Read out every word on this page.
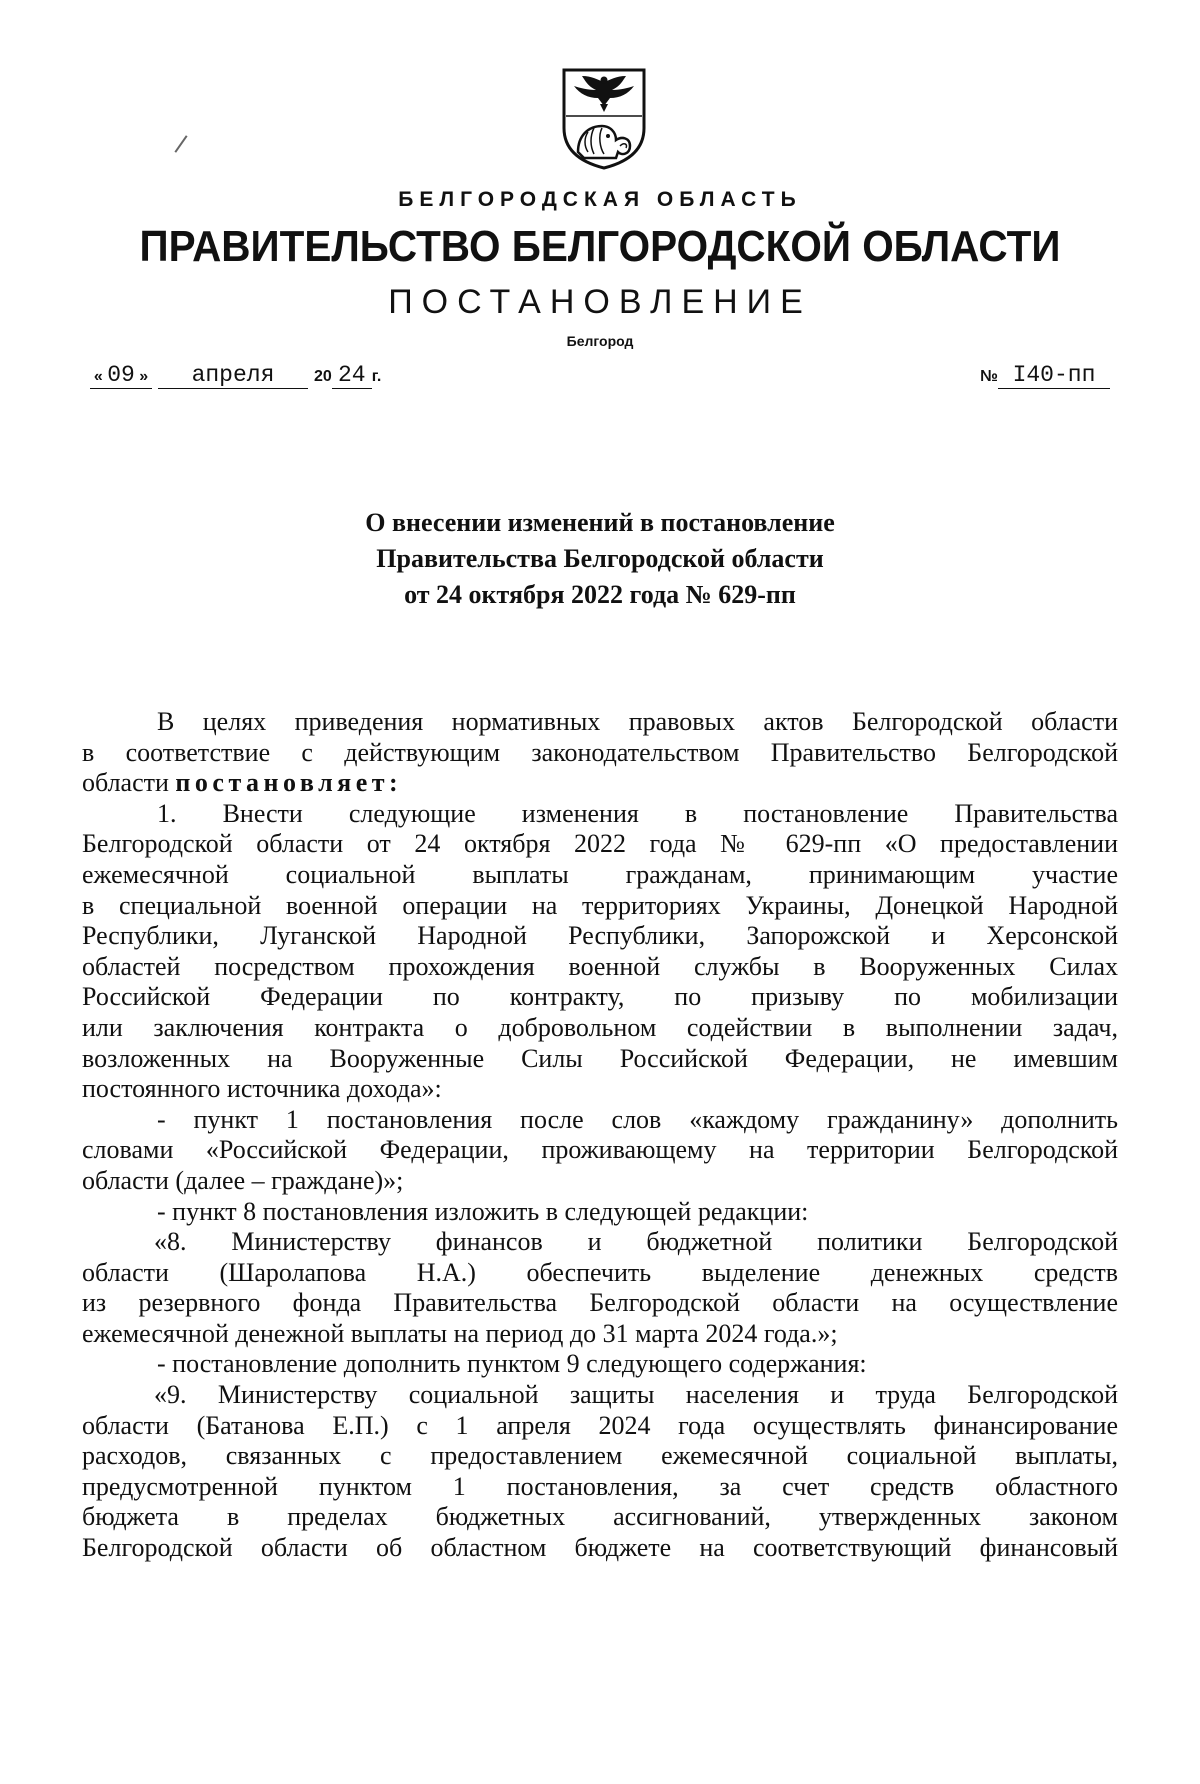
БЕЛГОРОДСКАЯ ОБЛАСТЬ
ПРАВИТЕЛЬСТВО БЕЛГОРОДСКОЙ ОБЛАСТИ
ПОСТАНОВЛЕНИЕ
Белгород
« 09 » апреля 20 24 г.	№ I40-пп
О внесении изменений в постановление
Правительства Белгородской области
от 24 октября 2022 года № 629-пп

В целях приведения нормативных правовых актов Белгородской области

в соответствие с действующим законодательством Правительство Белгородской

области постановляет:

1. Внести следующие изменения в постановление Правительства

Белгородской области от 24 октября 2022 года № 629-пп «О предоставлении

ежемесячной социальной выплаты гражданам, принимающим участие

в специальной военной операции на территориях Украины, Донецкой Народной

Республики, Луганской Народной Республики, Запорожской и Херсонской

областей посредством прохождения военной службы в Вооруженных Силах

Российской Федерации по контракту, по призыву по мобилизации

или заключения контракта о добровольном содействии в выполнении задач,

возложенных на Вооруженные Силы Российской Федерации, не имевшим

постоянного источника дохода»:

- пункт 1 постановления после слов «каждому гражданину» дополнить

словами «Российской Федерации, проживающему на территории Белгородской

области (далее – граждане)»;

- пункт 8 постановления изложить в следующей редакции:

«8. Министерству финансов и бюджетной политики Белгородской

области (Шаролапова Н.А.) обеспечить выделение денежных средств

из резервного фонда Правительства Белгородской области на осуществление

ежемесячной денежной выплаты на период до 31 марта 2024 года.»;

- постановление дополнить пунктом 9 следующего содержания:

«9. Министерству социальной защиты населения и труда Белгородской

области (Батанова Е.П.) с 1 апреля 2024 года осуществлять финансирование

расходов, связанных с предоставлением ежемесячной социальной выплаты,

предусмотренной пунктом 1 постановления, за счет средств областного

бюджета в пределах бюджетных ассигнований, утвержденных законом

Белгородской области об областном бюджете на соответствующий финансовый
